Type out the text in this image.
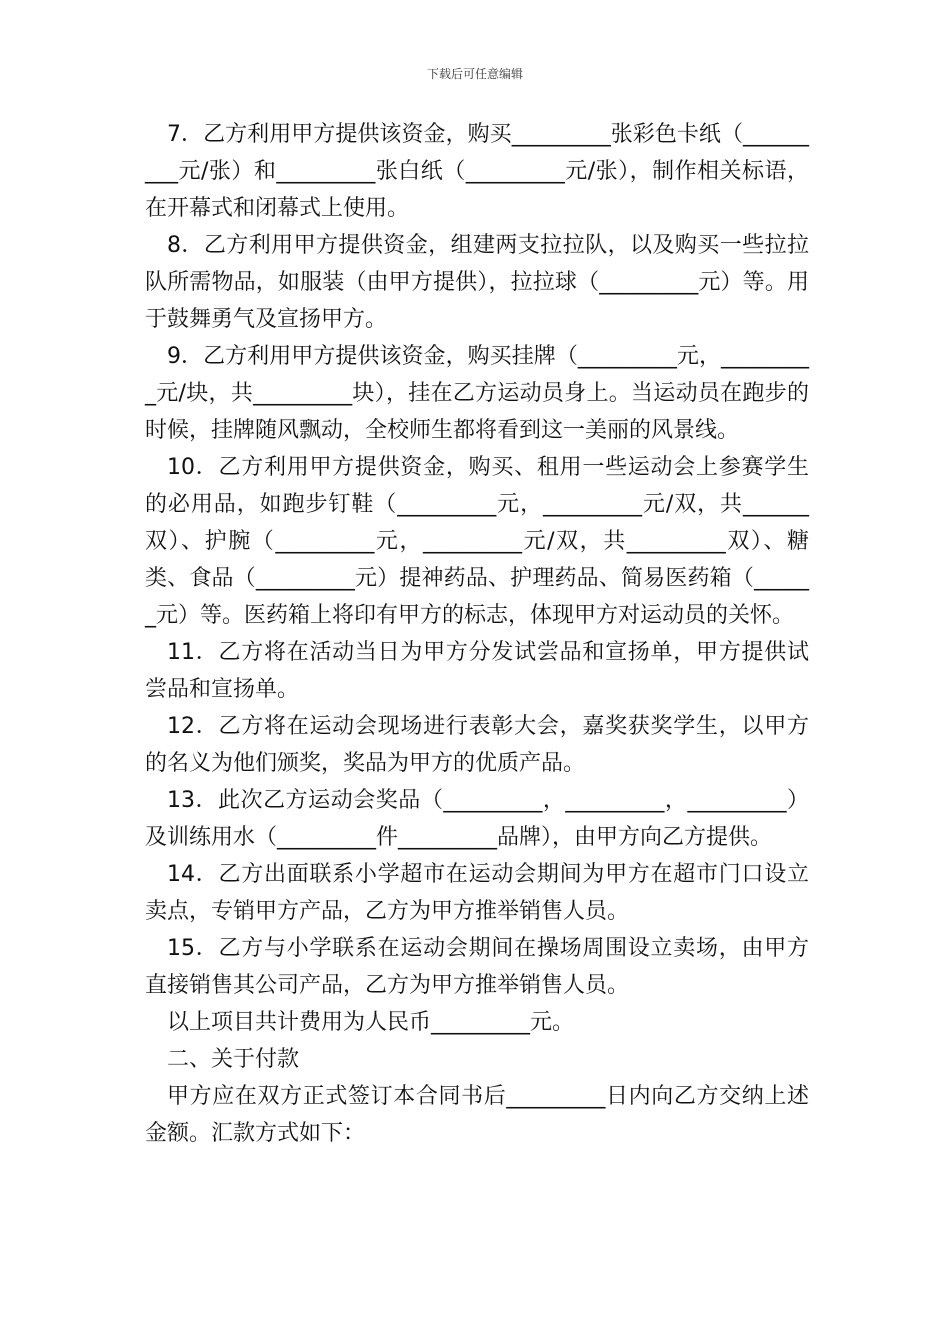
下载后可任意编辑

7．乙方利用甲方提供该资金，购买_________张彩色卡纸（_________元/张）和_________张白纸（_________元/张），制作相关标语，在开幕式和闭幕式上使用。

8．乙方利用甲方提供资金，组建两支拉拉队，以及购买一些拉拉队所需物品，如服装（由甲方提供），拉拉球（_________元）等。用于鼓舞勇气及宣扬甲方。

9．乙方利用甲方提供该资金，购买挂牌（_________元，_________元/块，共_________块），挂在乙方运动员身上。当运动员在跑步的时候，挂牌随风飘动，全校师生都将看到这一美丽的风景线。

10．乙方利用甲方提供资金，购买、租用一些运动会上参赛学生的必用品，如跑步钉鞋（_________元，_________元/双，共______双）、护腕（_________元，_________元/双，共_________双）、糖类、食品（_________元）提神药品、护理药品、简易医药箱（______元）等。医药箱上将印有甲方的标志，体现甲方对运动员的关怀。

11．乙方将在活动当日为甲方分发试尝品和宣扬单，甲方提供试尝品和宣扬单。

12．乙方将在运动会现场进行表彰大会，嘉奖获奖学生，以甲方的名义为他们颁奖，奖品为甲方的优质产品。

13．此次乙方运动会奖品（_________，_________，_________）及训练用水（_________件_________品牌），由甲方向乙方提供。

14．乙方出面联系小学超市在运动会期间为甲方在超市门口设立卖点，专销甲方产品，乙方为甲方推举销售人员。

15．乙方与小学联系在运动会期间在操场周围设立卖场，由甲方直接销售其公司产品，乙方为甲方推举销售人员。

以上项目共计费用为人民币_________元。

二、关于付款

甲方应在双方正式签订本合同书后_________日内向乙方交纳上述金额。汇款方式如下：
